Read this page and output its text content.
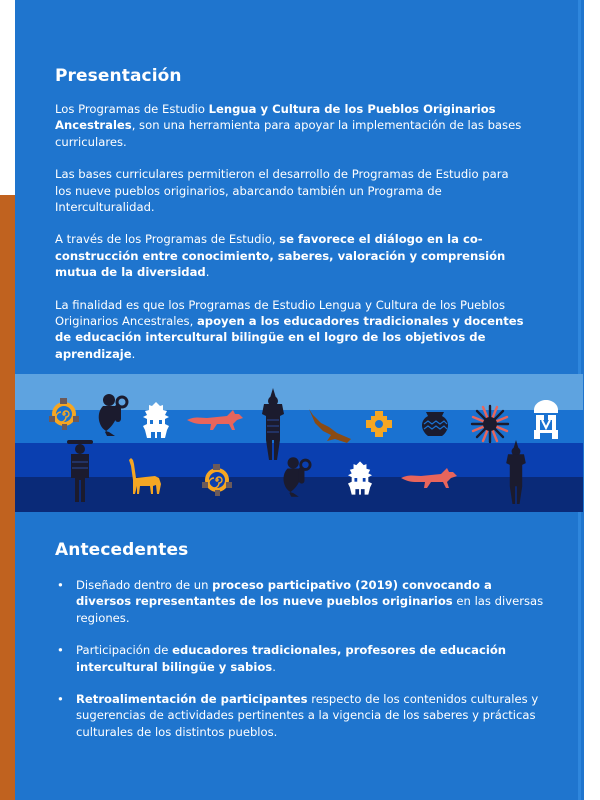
Presentación

Los Programas de Estudio Lengua y Cultura de los Pueblos Originarios Ancestrales, son una herramienta para apoyar la implementación de las bases curriculares.

Las bases curriculares permitieron el desarrollo de Programas de Estudio para los nueve pueblos originarios, abarcando también un Programa de Interculturalidad.

A través de los Programas de Estudio, se favorece el diálogo en la co-construcción entre conocimiento, saberes, valoración y comprensión mutua de la diversidad.

La finalidad es que los Programas de Estudio Lengua y Cultura de los Pueblos Originarios Ancestrales, apoyen a los educadores tradicionales y docentes de educación intercultural bilingüe en el logro de los objetivos de aprendizaje.

Antecedentes
• Diseñado dentro de un proceso participativo (2019) convocando a diversos representantes de los nueve pueblos originarios en las diversas regiones.
• Participación de educadores tradicionales, profesores de educación intercultural bilingüe y sabios.
• Retroalimentación de participantes respecto de los contenidos culturales y sugerencias de actividades pertinentes a la vigencia de los saberes y prácticas culturales de los distintos pueblos.
